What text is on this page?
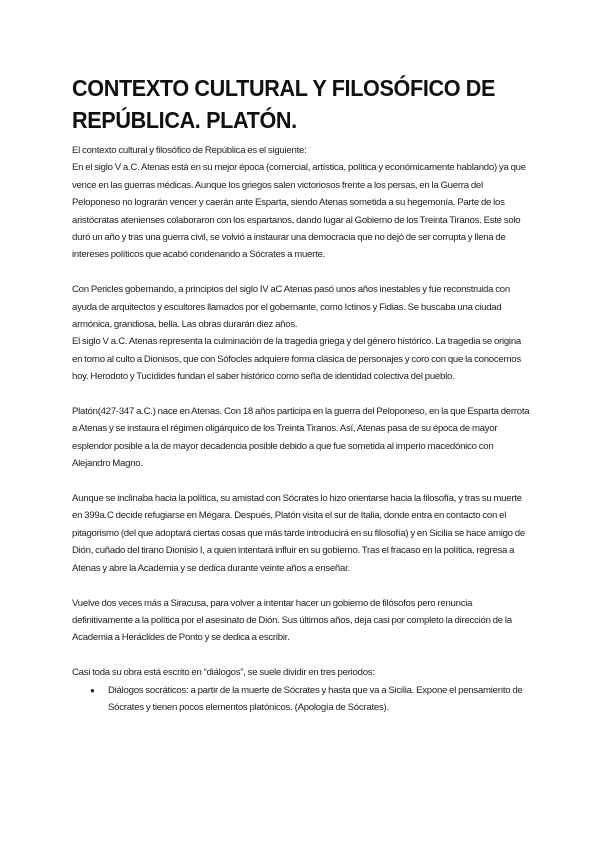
CONTEXTO CULTURAL Y FILOSÓFICO DE
REPÚBLICA. PLATÓN.

El contexto cultural y filosófico de República es el siguiente:

En el siglo V a.C. Atenas está en su mejor época (comercial, artística, política y económicamente hablando) ya que vence en las guerras médicas. Aunque los griegos salen victoriosos frente a los persas, en la Guerra del Peloponeso no lograrán vencer y caerán ante Esparta, siendo Atenas sometida a su hegemonía. Parte de los aristócratas atenienses colaboraron con los espartanos, dando lugar al Gobierno de los Treinta Tiranos. Este solo duró un año y tras una guerra civil, se volvió a instaurar una democracia que no dejó de ser corrupta y llena de intereses políticos que acabó condenando a Sócrates a muerte.

Con Pericles gobernando, a principios del siglo IV aC Atenas pasó unos años inestables y fue reconstruida con ayuda de arquitectos y escultores llamados por el gobernante, como Ictinos y Fidias. Se buscaba una ciudad armónica, grandiosa, bella. Las obras durarán diez años.

El siglo V a.C. Atenas representa la culminación de la tragedia griega y del género histórico. La tragedia se origina en torno al culto a Dionisos, que con Sófocles adquiere forma clásica de personajes y coro con que la conocemos hoy. Herodoto y Tucídides fundan el saber histórico como seña de identidad colectiva del pueblo.

Platón(427-347 a.C.) nace en Atenas. Con 18 años participa en la guerra del Peloponeso, en la que Esparta derrota a Atenas y se instaura el régimen oligárquico de los Treinta Tiranos. Así, Atenas pasa de su época de mayor esplendor posible a la de mayor decadencia posible debido a que fue sometida al imperio macedónico con Alejandro Magno.

Aunque se inclinaba hacia la política, su amistad con Sócrates lo hizo orientarse hacia la filosofía, y tras su muerte en 399a.C decide refugiarse en Mégara. Después, Platón visita el sur de Italia, donde entra en contacto con el pitagorismo (del que adoptará ciertas cosas que más tarde introducirá en su filosofía) y en Sicilia se hace amigo de Dión, cuñado del tirano Dionisio I, a quien intentará influir en su gobierno. Tras el fracaso en la política, regresa a Atenas y abre la Academia y se dedica durante veinte años a enseñar.

Vuelve dos veces más a Siracusa, para volver a intentar hacer un gobierno de filósofos pero renuncia definitivamente a la política por el asesinato de Dión. Sus últimos años, deja casi por completo la dirección de la Academia a Heráclides de Ponto y se dedica a escribir.

Casi toda su obra está escrito en “diálogos”, se suele dividir en tres periodos:

● Diálogos socráticos: a partir de la muerte de Sócrates y hasta que va a Sicilia. Expone el pensamiento de Sócrates y tienen pocos elementos platónicos. (Apología de Sócrates).
